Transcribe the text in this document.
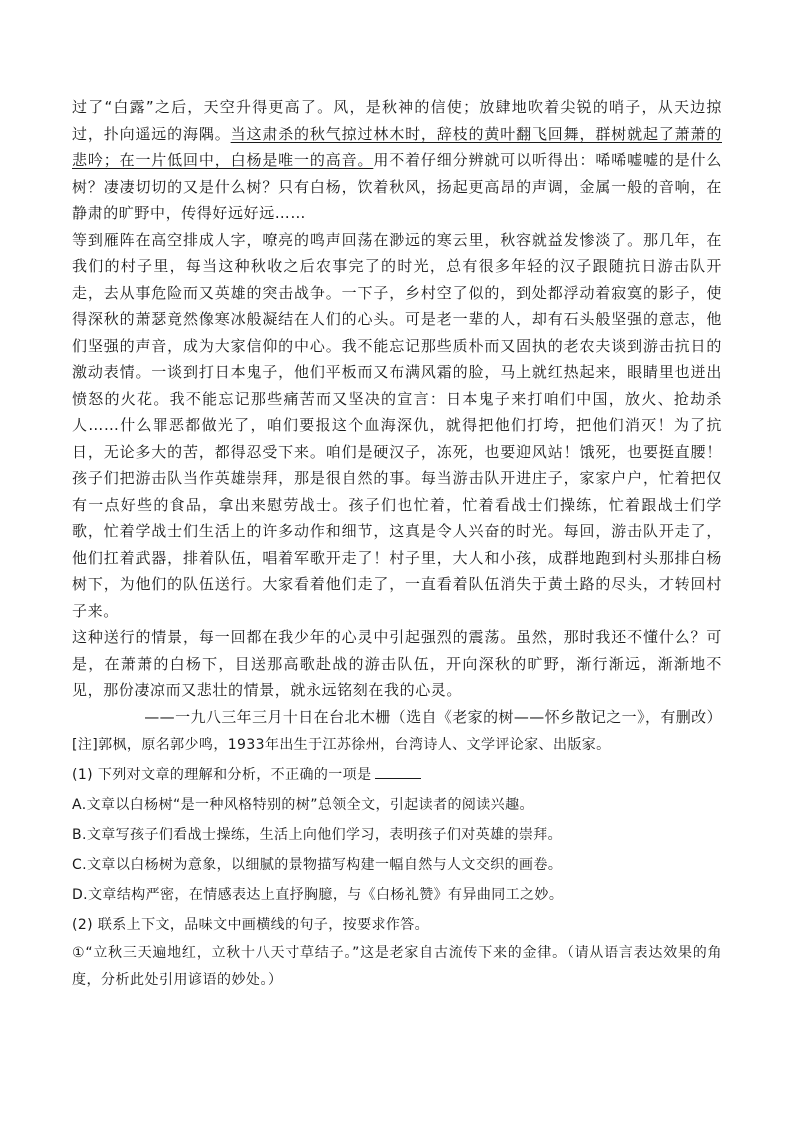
过了“白露”之后，天空升得更高了。风，是秋神的信使；放肆地吹着尖锐的哨子，从天边掠过，扑向遥远的海隅。当这肃杀的秋气掠过林木时，辞枝的黄叶翻飞回舞，群树就起了萧萧的悲吟；在一片低回中，白杨是唯一的高音。用不着仔细分辨就可以听得出：唏唏嘘嘘的是什么树？凄凄切切的又是什么树？只有白杨，饮着秋风，扬起更高昂的声调，金属一般的音响，在静肃的旷野中，传得好远好远……

等到雁阵在高空排成人字，嘹亮的鸣声回荡在渺远的寒云里，秋容就益发惨淡了。那几年，在我们的村子里，每当这种秋收之后农事完了的时光，总有很多年轻的汉子跟随抗日游击队开走，去从事危险而又英雄的突击战争。一下子，乡村空了似的，到处都浮动着寂寞的影子，使得深秋的萧瑟竟然像寒冰般凝结在人们的心头。可是老一辈的人，却有石头般坚强的意志，他们坚强的声音，成为大家信仰的中心。我不能忘记那些质朴而又固执的老农夫谈到游击抗日的激动表情。一谈到打日本鬼子，他们平板而又布满风霜的脸，马上就红热起来，眼睛里也迸出愤怒的火花。我不能忘记那些痛苦而又坚决的宣言：日本鬼子来打咱们中国，放火、抢劫杀人……什么罪恶都做光了，咱们要报这个血海深仇，就得把他们打垮，把他们消灭！为了抗日，无论多大的苦，都得忍受下来。咱们是硬汉子，冻死，也要迎风站！饿死，也要挺直腰！孩子们把游击队当作英雄崇拜，那是很自然的事。每当游击队开进庄子，家家户户，忙着把仅有一点好些的食品，拿出来慰劳战士。孩子们也忙着，忙着看战士们操练，忙着跟战士们学歌，忙着学战士们生活上的许多动作和细节，这真是令人兴奋的时光。每回，游击队开走了，他们扛着武器，排着队伍，唱着军歌开走了！村子里，大人和小孩，成群地跑到村头那排白杨树下，为他们的队伍送行。大家看着他们走了，一直看着队伍消失于黄土路的尽头，才转回村子来。

这种送行的情景，每一回都在我少年的心灵中引起强烈的震荡。虽然，那时我还不懂什么？可是，在萧萧的白杨下，目送那高歌赴战的游击队伍，开向深秋的旷野，渐行渐远，渐渐地不见，那份凄凉而又悲壮的情景，就永远铭刻在我的心灵。

——一九八三年三月十日在台北木栅（选自《老家的树——怀乡散记之一》，有删改）

[注]郭枫，原名郭少鸣，1933年出生于江苏徐州，台湾诗人、文学评论家、出版家。

(1) 下列对文章的理解和分析，不正确的一项是

A.文章以白杨树“是一种风格特别的树”总领全文，引起读者的阅读兴趣。

B.文章写孩子们看战士操练，生活上向他们学习，表明孩子们对英雄的崇拜。

C.文章以白杨树为意象，以细腻的景物描写构建一幅自然与人文交织的画卷。

D.文章结构严密，在情感表达上直抒胸臆，与《白杨礼赞》有异曲同工之妙。

(2) 联系上下文，品味文中画横线的句子，按要求作答。

①“立秋三天遍地红，立秋十八天寸草结子。”这是老家自古流传下来的金律。（请从语言表达效果的角度，分析此处引用谚语的妙处。）
